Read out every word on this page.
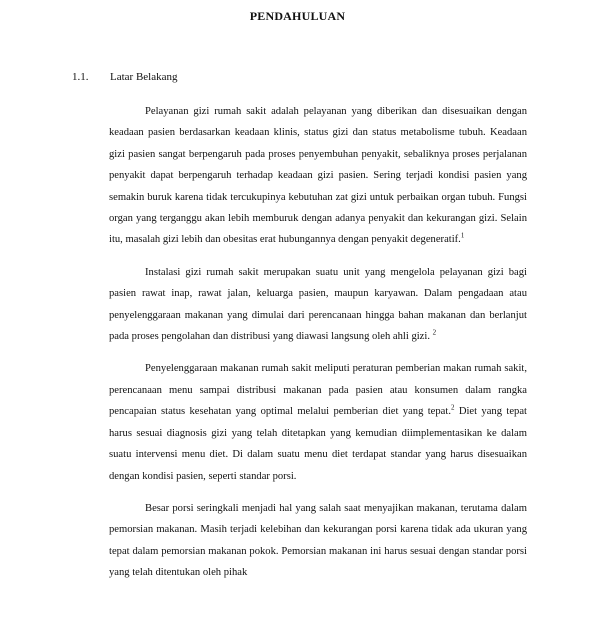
PENDAHULUAN
1.1. Latar Belakang

Pelayanan gizi rumah sakit adalah pelayanan yang diberikan dan disesuaikan dengan keadaan pasien berdasarkan keadaan klinis, status gizi dan status metabolisme tubuh. Keadaan gizi pasien sangat berpengaruh pada proses penyembuhan penyakit, sebaliknya proses perjalanan penyakit dapat berpengaruh terhadap keadaan gizi pasien. Sering terjadi kondisi pasien yang semakin buruk karena tidak tercukupinya kebutuhan zat gizi untuk perbaikan organ tubuh. Fungsi organ yang terganggu akan lebih memburuk dengan adanya penyakit dan kekurangan gizi. Selain itu, masalah gizi lebih dan obesitas erat hubungannya dengan penyakit degeneratif.$^1$

Instalasi gizi rumah sakit merupakan suatu unit yang mengelola pelayanan gizi bagi pasien rawat inap, rawat jalan, keluarga pasien, maupun karyawan. Dalam pengadaan atau penyelenggaraan makanan yang dimulai dari perencanaan hingga bahan makanan dan berlanjut pada proses pengolahan dan distribusi yang diawasi langsung oleh ahli gizi. $^2$

Penyelenggaraan makanan rumah sakit meliputi peraturan pemberian makan rumah sakit, perencanaan menu sampai distribusi makanan pada pasien atau konsumen dalam rangka pencapaian status kesehatan yang optimal melalui pemberian diet yang tepat.$^2$ Diet yang tepat harus sesuai diagnosis gizi yang telah ditetapkan yang kemudian diimplementasikan ke dalam suatu intervensi menu diet. Di dalam suatu menu diet terdapat standar yang harus disesuaikan dengan kondisi pasien, seperti standar porsi.

Besar porsi seringkali menjadi hal yang salah saat menyajikan makanan, terutama dalam pemorsian makanan. Masih terjadi kelebihan dan kekurangan porsi karena tidak ada ukuran yang tepat dalam pemorsian makanan pokok. Pemorsian makanan ini harus sesuai dengan standar porsi yang telah ditentukan oleh pihak
